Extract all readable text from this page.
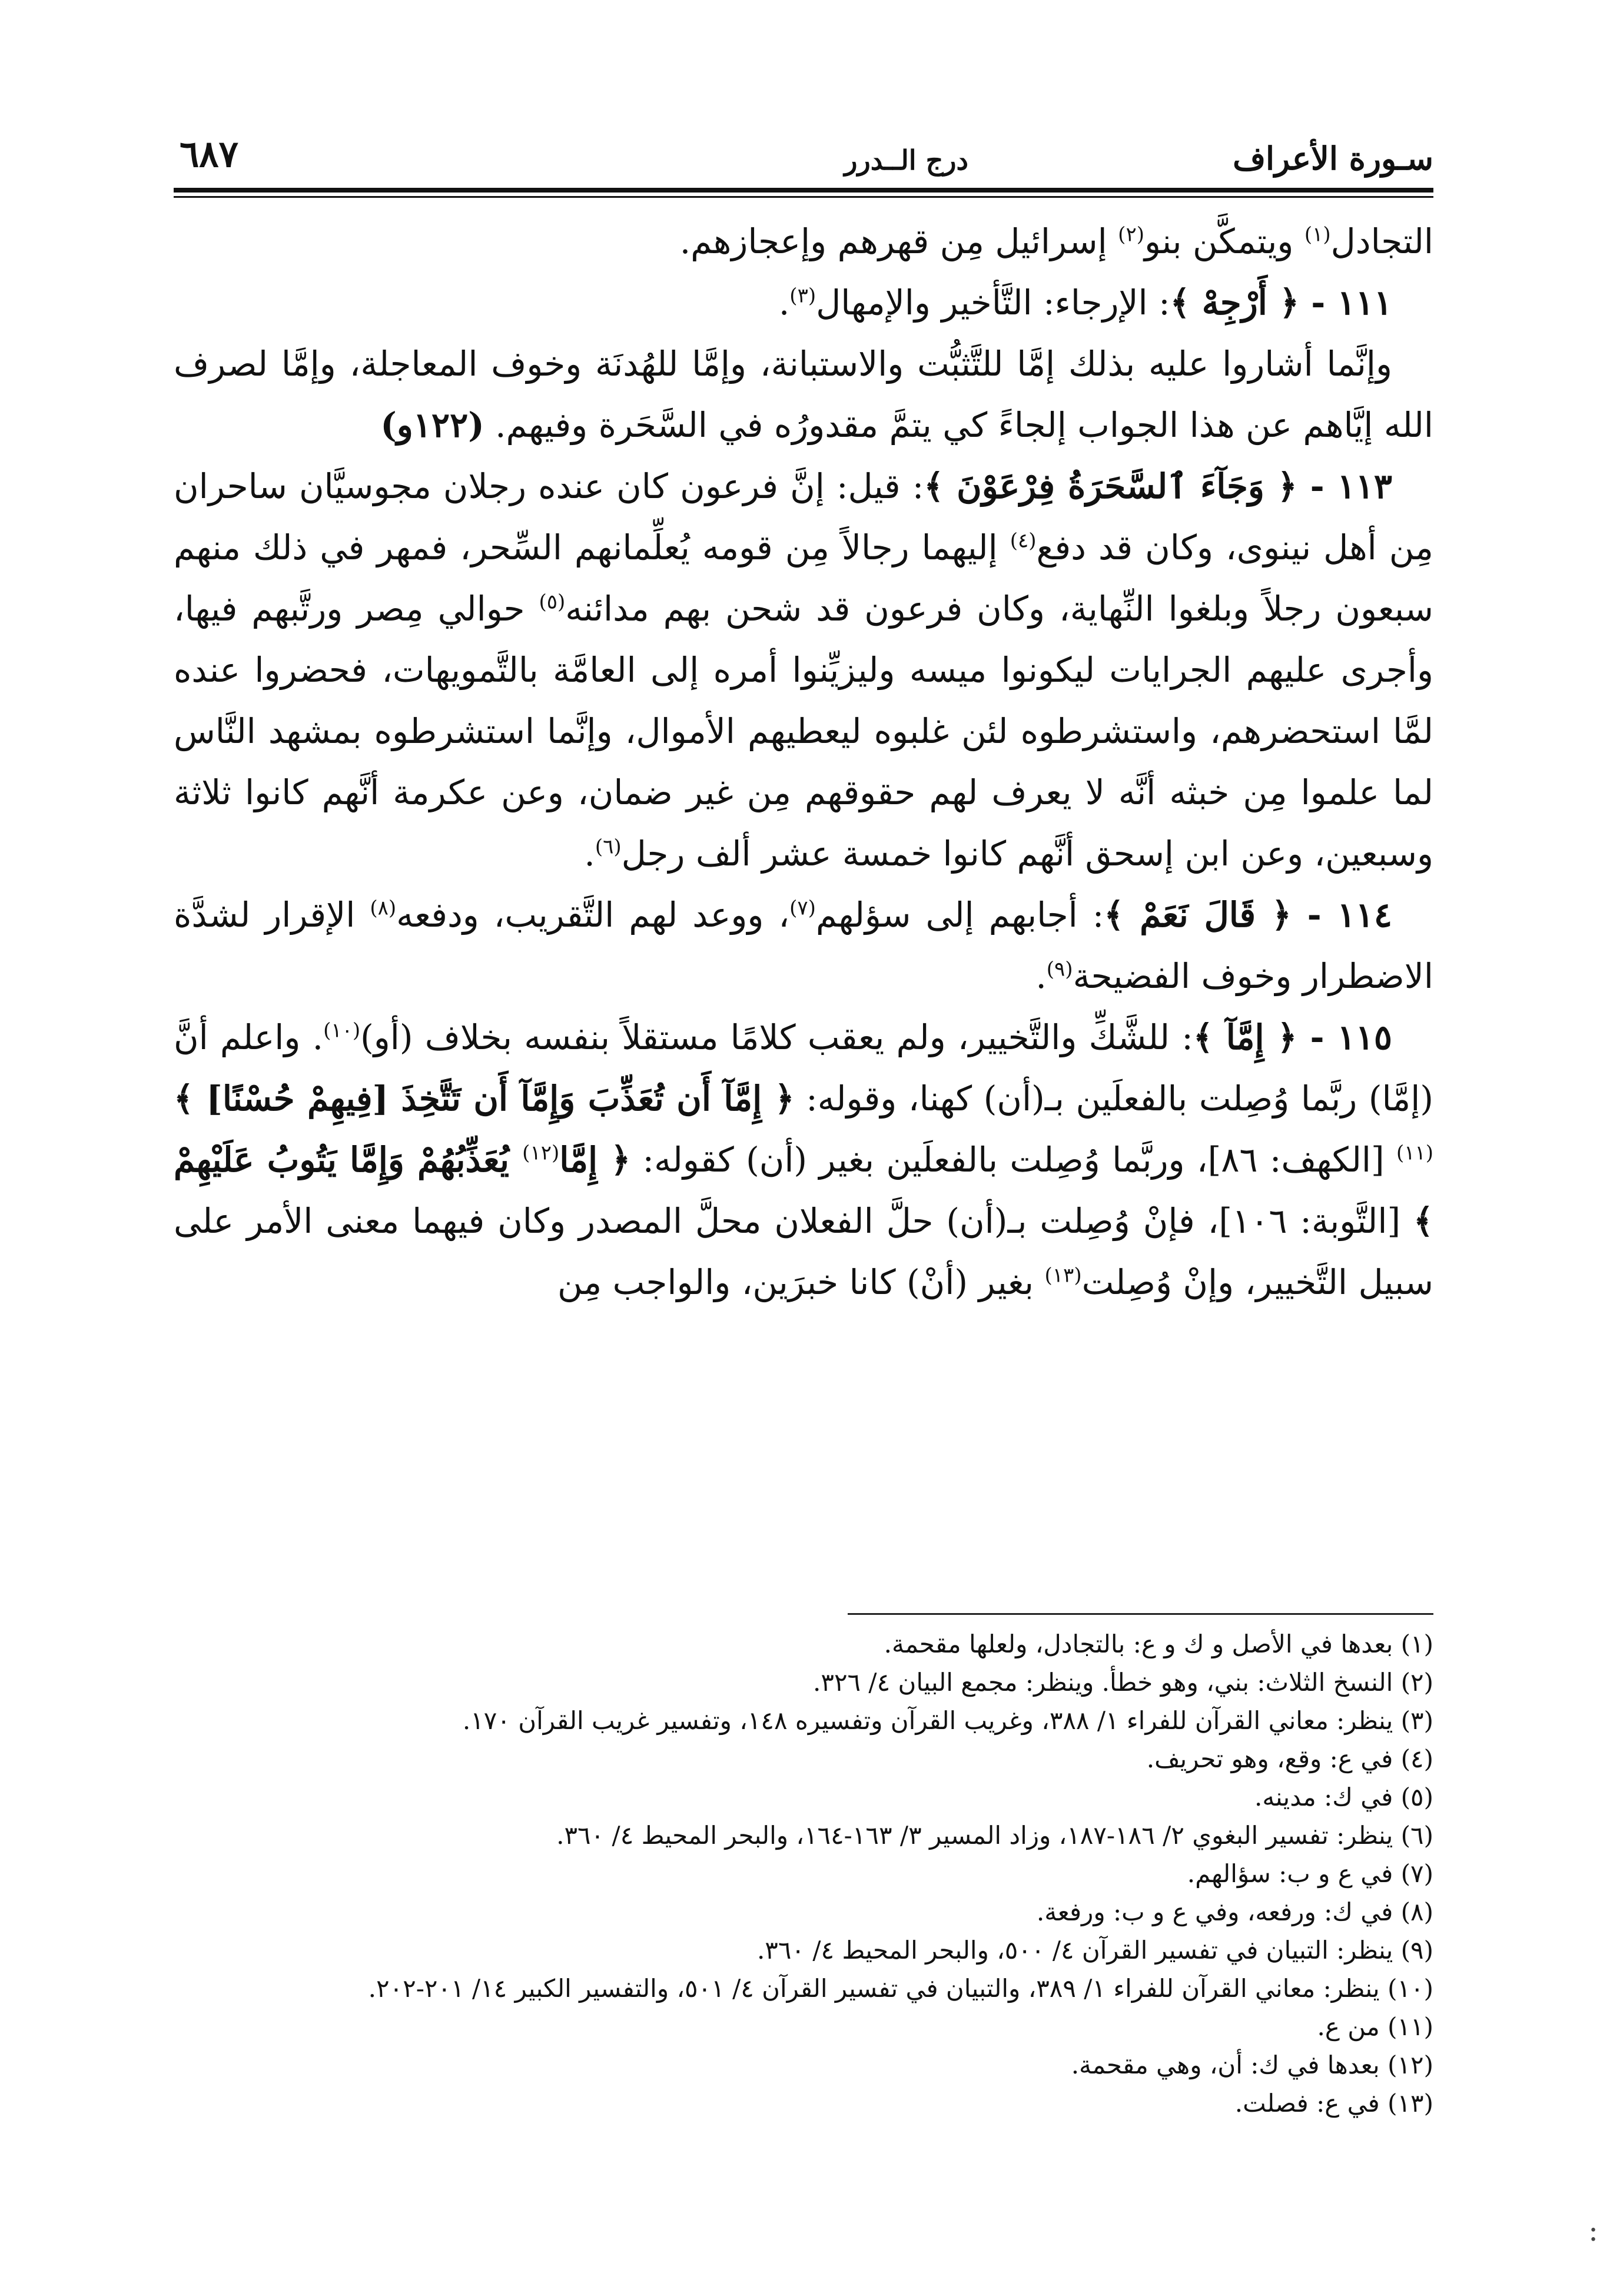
سـورة الأعراف
درج الــدرر
٦٨٧

التجادل$^{(١)}$ ويتمكَّن بنو$^{(٢)}$ إسرائيل مِن قهرهم وإعجازهم.

١١١ - ﴿ أَرْجِهْ ﴾: الإرجاء: التَّأخير والإمهال$^{(٣)}$.

وإنَّما أشاروا عليه بذلك إمَّا للتَّثبُّت والاستبانة، وإمَّا للهُدنَة وخوف المعاجلة، وإمَّا لصرف الله إيَّاهم عن هذا الجواب إلجاءً كي يتمَّ مقدورُه في السَّحَرة وفيهم. (١٢٢و)

١١٣ - ﴿ وَجَآءَ ٱلسَّحَرَةُ فِرْعَوْنَ ﴾: قيل: إنَّ فرعون كان عنده رجلان مجوسيَّان ساحران مِن أهل نينوى، وكان قد دفع$^{(٤)}$ إليهما رجالاً مِن قومه يُعلِّمانهم السِّحر، فمهر في ذلك منهم سبعون رجلاً وبلغوا النِّهاية، وكان فرعون قد شحن بهم مدائنه$^{(٥)}$ حوالي مِصر ورتَّبهم فيها، وأجرى عليهم الجرايات ليكونوا ميسه وليزيِّنوا أمره إلى العامَّة بالتَّمويهات، فحضروا عنده لمَّا استحضرهم، واستشرطوه لئن غلبوه ليعطيهم الأموال، وإنَّما استشرطوه بمشهد النَّاس لما علموا مِن خبثه أنَّه لا يعرف لهم حقوقهم مِن غير ضمان، وعن عكرمة أنَّهم كانوا ثلاثة وسبعين، وعن ابن إسحق أنَّهم كانوا خمسة عشر ألف رجل$^{(٦)}$.

١١٤ - ﴿ قَالَ نَعَمْ ﴾: أجابهم إلى سؤلهم$^{(٧)}$، ووعد لهم التَّقريب، ودفعه$^{(٨)}$ الإقرار لشدَّة الاضطرار وخوف الفضيحة$^{(٩)}$.

١١٥ - ﴿ إِمَّآ ﴾: للشَّكِّ والتَّخيير، ولم يعقب كلامًا مستقلاً بنفسه بخلاف (أو)$^{(١٠)}$. واعلم أنَّ (إمَّا) ربَّما وُصِلت بالفعلَين بـ(أن) كهنا، وقوله: ﴿ إِمَّآ أَن تُعَذِّبَ وَإِمَّآ أَن تَتَّخِذَ [فِيهِمْ حُسْنًا] ﴾$^{(١١)}$ [الكهف: ٨٦]، وربَّما وُصِلت بالفعلَين بغير (أن) كقوله: ﴿ إِمَّا$^{(١٢)}$ يُعَذِّبُهُمْ وَإِمَّا يَتُوبُ عَلَيْهِمْ ﴾ [التَّوبة: ١٠٦]، فإنْ وُصِلت بـ(أن) حلَّ الفعلان محلَّ المصدر وكان فيهما معنى الأمر على سبيل التَّخيير، وإنْ وُصِلت$^{(١٣)}$ بغير (أنْ) كانا خبرَين، والواجب مِن

(١) بعدها في الأصل و ك و ع: بالتجادل، ولعلها مقحمة.

(٢) النسخ الثلاث: بني، وهو خطأ. وينظر: مجمع البيان ٤/ ٣٢٦.

(٣) ينظر: معاني القرآن للفراء ١/ ٣٨٨، وغريب القرآن وتفسيره ١٤٨، وتفسير غريب القرآن ١٧٠.

(٤) في ع: وقع، وهو تحريف.

(٥) في ك: مدينه.

(٦) ينظر: تفسير البغوي ٢/ ١٨٦-١٨٧، وزاد المسير ٣/ ١٦٣-١٦٤، والبحر المحيط ٤/ ٣٦٠.

(٧) في ع و ب: سؤالهم.

(٨) في ك: ورفعه، وفي ع و ب: ورفعة.

(٩) ينظر: التبيان في تفسير القرآن ٤/ ٥٠٠، والبحر المحيط ٤/ ٣٦٠.

(١٠) ينظر: معاني القرآن للفراء ١/ ٣٨٩، والتبيان في تفسير القرآن ٤/ ٥٠١، والتفسير الكبير ١٤/ ٢٠١-٢٠٢.

(١١) من ع.

(١٢) بعدها في ك: أن، وهي مقحمة.

(١٣) في ع: فصلت.

:
